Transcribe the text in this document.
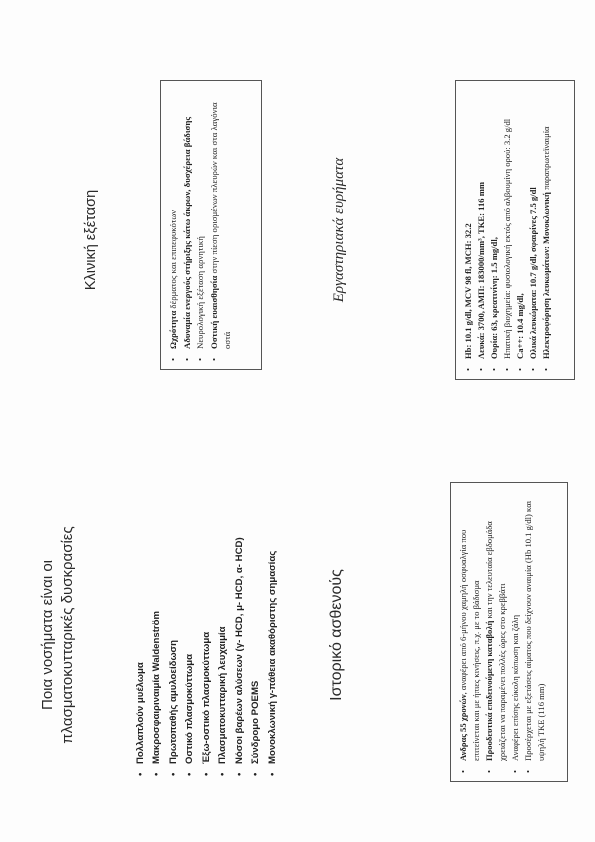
Ποια νοσήματα είναι οι πλασματοκυτταρικές δυσκρασίες	• Πολλαπλούν μυέλωμα • Μακροσφαιριναιμία Waldenström • Πρωτοπαθής αμυλοείδωση • Οστικό πλασμοκύττωμα • Έξω-οστικό πλασμοκύττωμα • Πλασματοκυτταρική λευχαιμία • Νόσοι βαρέων αλύσεων (γ- HCD, μ- HCD, α- HCD) • Σύνδρομο POEMS • Μονοκλωνική γ-πάθεια ακαθόριστης σημασίας	Ιστορικό ασθενούς
• Ανδρας 55 χρονών, αναφέρει από 6-μήνου χαμηλή οσφυαλγία που επιτείνεται και με ήπιες κινήσεις, π.χ. με το βάδισμα • Προοδευτικά επιδεινούμενη καταβολή και την τελευταία εβδομάδα χρειάζεται να παραμένει πολλές ώρες στο κρεββάτι • Αναφέρει επίσης εύκολη κόπωση και ζάλη • Προσέρχεται με εξετάσεις αίματος που δείχνουν αναιμία (Hb 10.1 g/dl) και υψηλή ΤΚΕ (116 mm)
Κλινική εξέταση
• Ωχρότητα δέρματος και επιπεφυκότων • Αδυναμία ενεργούς στήριξης κάτω άκρων, δυσχέρεια βάδισης • Νευρολογική εξέταση αρνητική • Οστική ευαισθησία στην πίεση ορισμένων πλευρών και στα λαγόνια οστά
Εργαστηριακά ευρήματα	• Hb: 10.1 g/dl, MCV 98 fl, MCH: 32.2 • Λευκά: 3700, ΑΜΠ: 183000/mm³, ΤΚΕ: 116 mm • Ουρία: 63, κρεατινίνη: 1.5 mg/dl, • Ηπατική βιοχημεία: φυσιολογική εκτός από αλβουμίνη ορού: 3.2 g/dl • Ca++: 10.4 mg/dl, • Ολικά λευκώματα: 10.7 g/dl, σφαιρίνες 7.5 g/dl • Ηλεκτροφόρηση λευκωμάτων: Μονοκλωνική παραπρωτεϊναιμία
